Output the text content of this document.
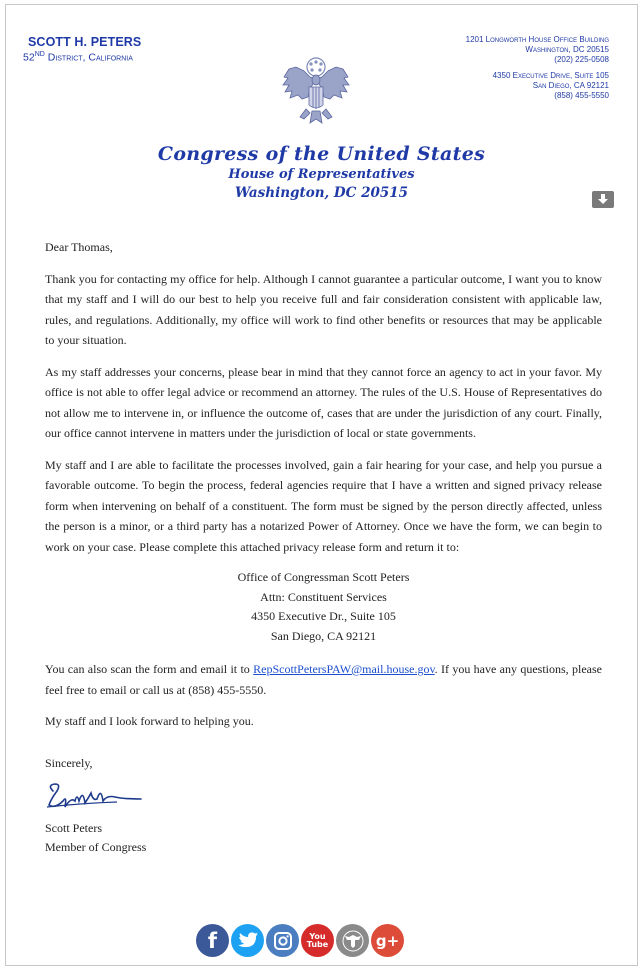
SCOTT H. PETERS
52ND District, California
1201 Longworth House Office Building
Washington, DC 20515
(202) 225-0508
4350 Executive Drive, Suite 105
San Diego, CA 92121
(858) 455-5550
Congress of the United States
House of Representatives
Washington, DC 20515

Dear Thomas,

Thank you for contacting my office for help. Although I cannot guarantee a particular outcome, I want you to know that my staff and I will do our best to help you receive full and fair consideration consistent with applicable law, rules, and regulations. Additionally, my office will work to find other benefits or resources that may be applicable to your situation.

As my staff addresses your concerns, please bear in mind that they cannot force an agency to act in your favor. My office is not able to offer legal advice or recommend an attorney. The rules of the U.S. House of Representatives do not allow me to intervene in, or influence the outcome of, cases that are under the jurisdiction of any court. Finally, our office cannot intervene in matters under the jurisdiction of local or state governments.

My staff and I are able to facilitate the processes involved, gain a fair hearing for your case, and help you pursue a favorable outcome. To begin the process, federal agencies require that I have a written and signed privacy release form when intervening on behalf of a constituent. The form must be signed by the person directly affected, unless the person is a minor, or a third party has a notarized Power of Attorney. Once we have the form, we can begin to work on your case. Please complete this attached privacy release form and return it to:

Office of Congressman Scott Peters
Attn: Constituent Services
4350 Executive Dr., Suite 105
San Diego, CA 92121

You can also scan the form and email it to RepScottPetersPAW@mail.house.gov. If you have any questions, please feel free to email or call us at (858) 455-5550.

My staff and I look forward to helping you.

Sincerely,
Scott Peters
Member of Congress
f	You
Tube	g+
